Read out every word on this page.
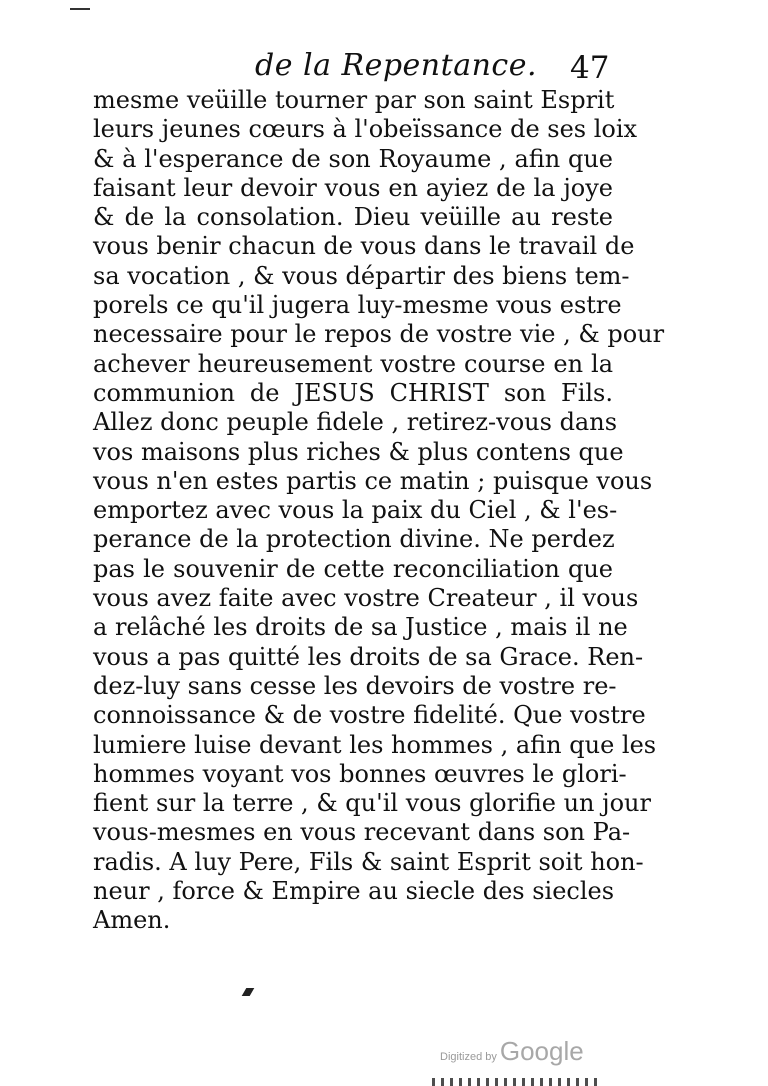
de la Repentance. 47
mesme veüille tourner par son saint Esprit
leurs jeunes cœurs à l'obeïssance de ses loix
& à l'esperance de son Royaume , afin que
faisant leur devoir vous en ayiez de la joye
& de la consolation. Dieu veüille au reste
vous benir chacun de vous dans le travail de
sa vocation , & vous départir des biens tem-
porels ce qu'il jugera luy-mesme vous estre
necessaire pour le repos de vostre vie , & pour
achever heureusement vostre course en la
communion de JESUS CHRIST son Fils.
Allez donc peuple fidele , retirez-vous dans
vos maisons plus riches & plus contens que
vous n'en estes partis ce matin ; puisque vous
emportez avec vous la paix du Ciel , & l'es-
perance de la protection divine. Ne perdez
pas le souvenir de cette reconciliation que
vous avez faite avec vostre Createur , il vous
a relâché les droits de sa Justice , mais il ne
vous a pas quitté les droits de sa Grace. Ren-
dez-luy sans cesse les devoirs de vostre re-
connoissance & de vostre fidelité. Que vostre
lumiere luise devant les hommes , afin que les
hommes voyant vos bonnes œuvres le glori-
fient sur la terre , & qu'il vous glorifie un jour
vous-mesmes en vous recevant dans son Pa-
radis. A luy Pere, Fils & saint Esprit soit hon-
neur , force & Empire au siecle des siecles
Amen.
Digitized by Google
